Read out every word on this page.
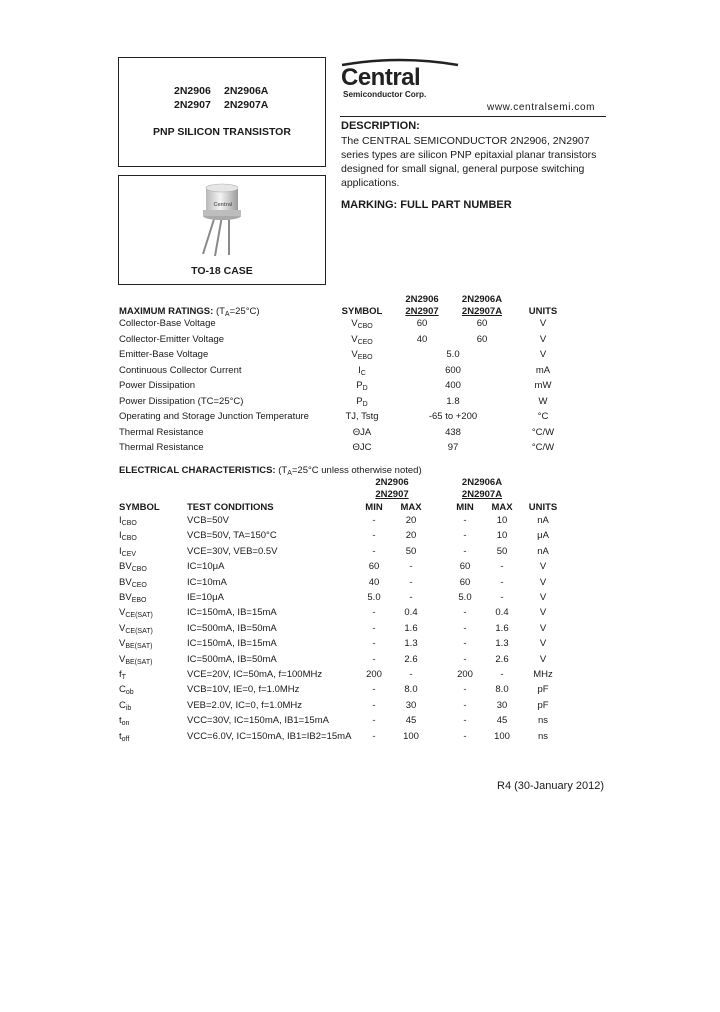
2N2906 2N2906A
2N2907 2N2907A
PNP SILICON TRANSISTOR
Central
TO-18 CASE
Central
Semiconductor Corp.
www.centralsemi.com
DESCRIPTION:
The CENTRAL SEMICONDUCTOR 2N2906, 2N2907 series types are silicon PNP epitaxial planar transistors designed for small signal, general purpose switching applications.
MARKING: FULL PART NUMBER
MAXIMUM RATINGS: $(T_A=25^\circ C)$	SYMBOL
2N2906
2N2907
2N2906A
2N2907A	UNITS
Collector-Base Voltage	$V_{CBO}$	60	60	V
Collector-Emitter Voltage	$V_{CEO}$	40	60	V
Emitter-Base Voltage	$V_{EBO}$	5.0	V
Continuous Collector Current	$I_C$	600	mA
Power Dissipation	$P_D$	400	mW
Power Dissipation (TC=25°C)	$P_D$	1.8	W
Operating and Storage Junction Temperature	TJ, Tstg	-65 to +200	°C
Thermal Resistance	ΘJA	438	°C/W
Thermal Resistance	ΘJC	97	°C/W
ELECTRICAL CHARACTERISTICS: ($T_A=25^\circ C$ unless otherwise noted)
2N2906
2N2907
2N2906A
2N2907A
SYMBOL	TEST CONDITIONS	MIN	MAX	MIN	MAX	UNITS
$I_{CBO}$	VCB=50V	-	20	-	10	nA
$I_{CBO}$	VCB=50V, TA=150°C	-	20	-	10	μA
$I_{CEV}$	VCE=30V, VEB=0.5V	-	50	-	50	nA
$BV_{CBO}$	IC=10μA	60	-	60	-	V
$BV_{CEO}$	IC=10mA	40	-	60	-	V
$BV_{EBO}$	IE=10μA	5.0	-	5.0	-	V
$V_{CE(SAT)}$	IC=150mA, IB=15mA	-	0.4	-	0.4	V
$V_{CE(SAT)}$	IC=500mA, IB=50mA	-	1.6	-	1.6	V
$V_{BE(SAT)}$	IC=150mA, IB=15mA	-	1.3	-	1.3	V
$V_{BE(SAT)}$	IC=500mA, IB=50mA	-	2.6	-	2.6	V
$f_T$	VCE=20V, IC=50mA, f=100MHz	200	-	200	-	MHz
$C_{ob}$	VCB=10V, IE=0, f=1.0MHz	-	8.0	-	8.0	pF
$C_{ib}$	VEB=2.0V, IC=0, f=1.0MHz	-	30	-	30	pF
$t_{on}$	VCC=30V, IC=150mA, IB1=15mA	-	45	-	45	ns
$t_{off}$	VCC=6.0V, IC=150mA, IB1=IB2=15mA	-	100	-	100	ns
R4 (30-January 2012)
